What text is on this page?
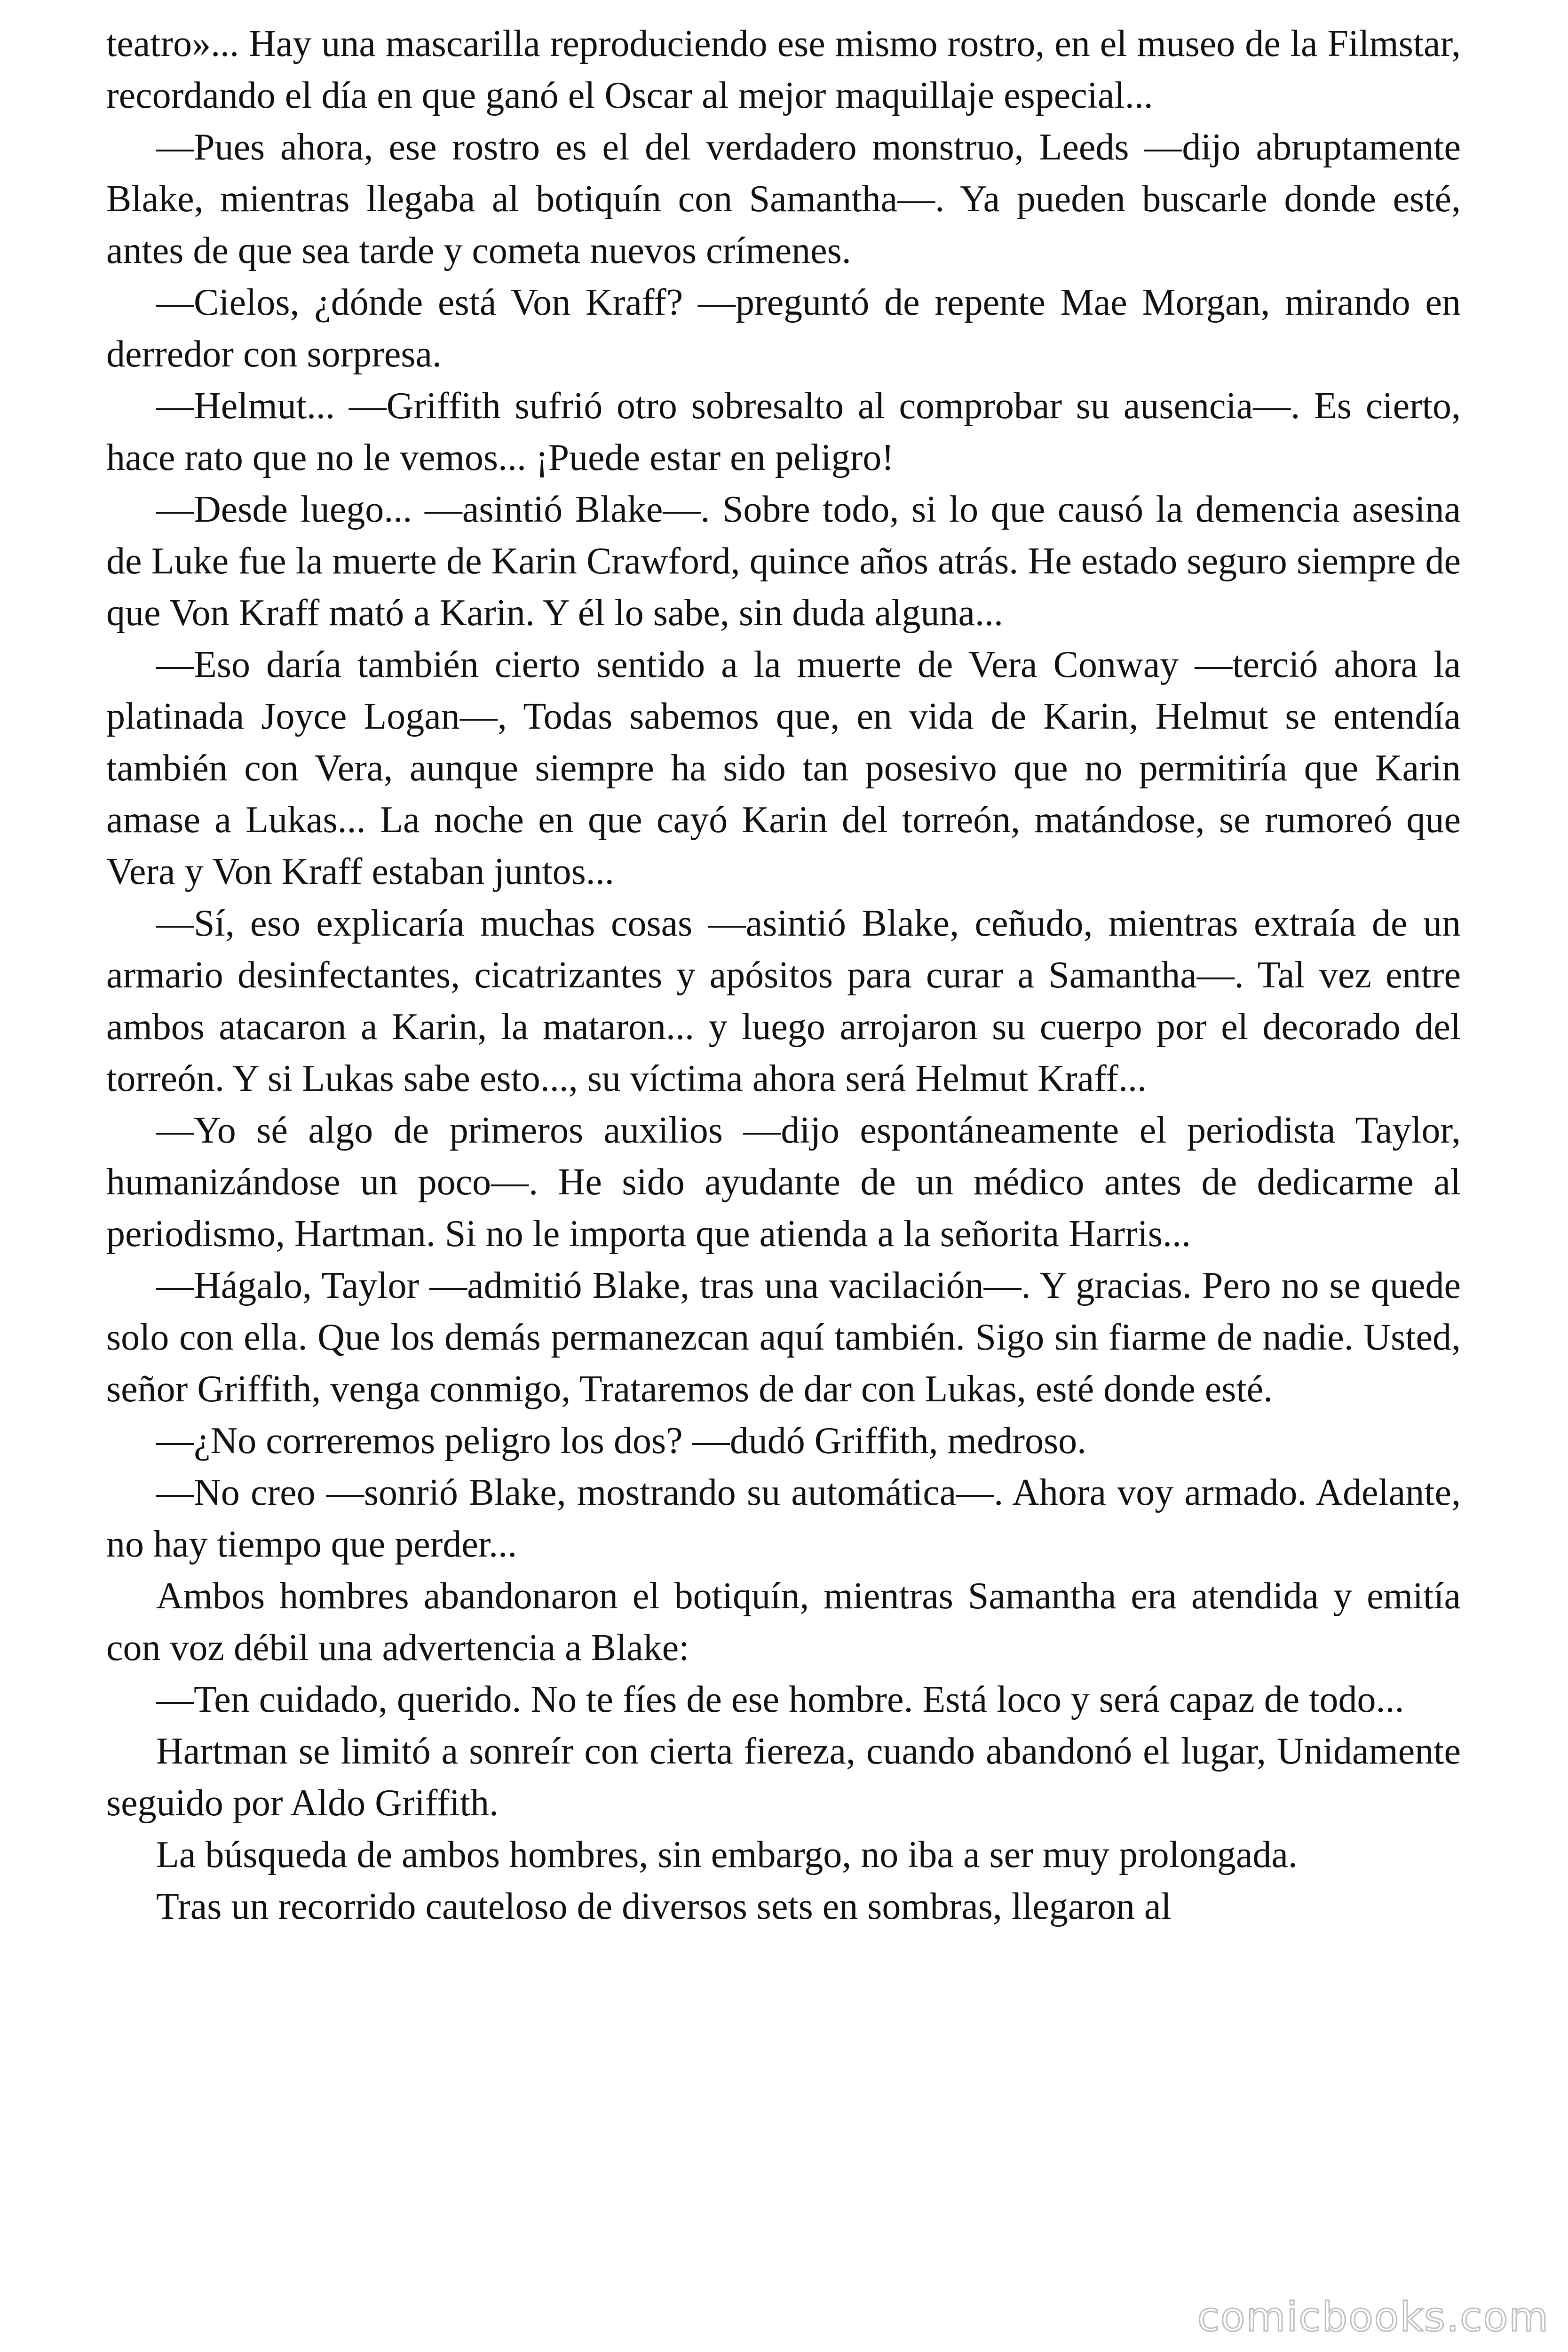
teatro»... Hay una mascarilla reproduciendo ese mismo rostro, en el museo de la Filmstar, recordando el día en que ganó el Oscar al mejor maquillaje especial...

—Pues ahora, ese rostro es el del verdadero monstruo, Leeds —dijo abruptamente Blake, mientras llegaba al botiquín con Samantha—. Ya pueden buscarle donde esté, antes de que sea tarde y cometa nuevos crímenes.

—Cielos, ¿dónde está Von Kraff? —preguntó de repente Mae Morgan, mirando en derredor con sorpresa.

—Helmut... —Griffith sufrió otro sobresalto al comprobar su ausencia—. Es cierto, hace rato que no le vemos... ¡Puede estar en peligro!

—Desde luego... —asintió Blake—. Sobre todo, si lo que causó la demencia asesina de Luke fue la muerte de Karin Crawford, quince años atrás. He estado seguro siempre de que Von Kraff mató a Karin. Y él lo sabe, sin duda alguna...

—Eso daría también cierto sentido a la muerte de Vera Conway —terció ahora la platinada Joyce Logan—, Todas sabemos que, en vida de Karin, Helmut se entendía también con Vera, aunque siempre ha sido tan posesivo que no permitiría que Karin amase a Lukas... La noche en que cayó Karin del torreón, matándose, se rumoreó que Vera y Von Kraff estaban juntos...

—Sí, eso explicaría muchas cosas —asintió Blake, ceñudo, mientras extraía de un armario desinfectantes, cicatrizantes y apósitos para curar a Samantha—. Tal vez entre ambos atacaron a Karin, la mataron... y luego arrojaron su cuerpo por el decorado del torreón. Y si Lukas sabe esto..., su víctima ahora será Helmut Kraff...

—Yo sé algo de primeros auxilios —dijo espontáneamente el periodista Taylor, humanizándose un poco—. He sido ayudante de un médico antes de dedicarme al periodismo, Hartman. Si no le importa que atienda a la señorita Harris...

—Hágalo, Taylor —admitió Blake, tras una vacilación—. Y gracias. Pero no se quede solo con ella. Que los demás permanezcan aquí también. Sigo sin fiarme de nadie. Usted, señor Griffith, venga conmigo, Trataremos de dar con Lukas, esté donde esté.

—¿No correremos peligro los dos? —dudó Griffith, medroso.

—No creo —sonrió Blake, mostrando su automática—. Ahora voy armado. Adelante, no hay tiempo que perder...

Ambos hombres abandonaron el botiquín, mientras Samantha era atendida y emitía con voz débil una advertencia a Blake:

—Ten cuidado, querido. No te fíes de ese hombre. Está loco y será capaz de todo...

Hartman se limitó a sonreír con cierta fiereza, cuando abandonó el lugar, Unidamente seguido por Aldo Griffith.

La búsqueda de ambos hombres, sin embargo, no iba a ser muy prolongada.

Tras un recorrido cauteloso de diversos sets en sombras, llegaron al

comicbooks.com
